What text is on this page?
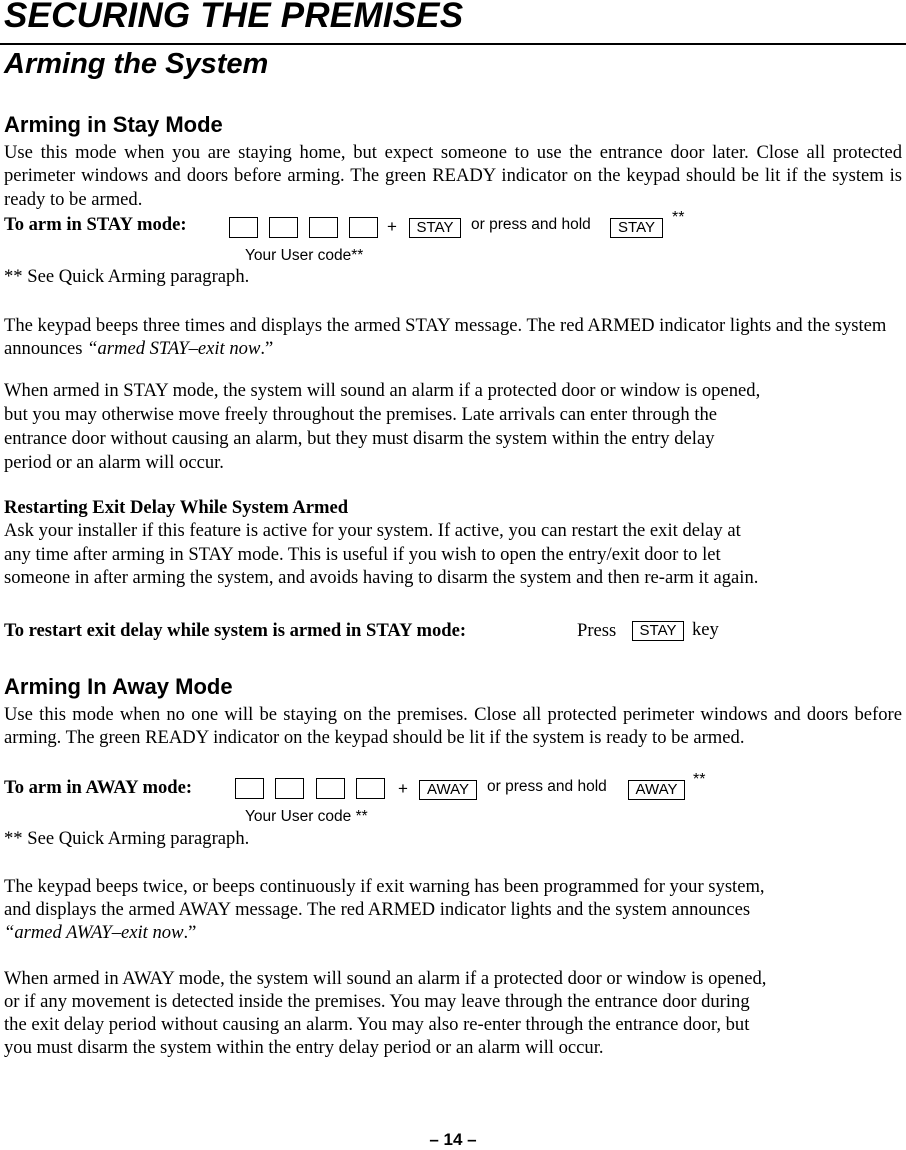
SECURING THE PREMISES
Arming the System
Arming in Stay Mode

Use this mode when you are staying home, but expect someone to use the entrance door later. Close all protected perimeter windows and doors before arming. The green READY indicator on the keypad should be lit if the system is ready to be armed.

To arm in STAY mode:	+	STAY	or press and hold	STAY
**
Your User code**
** See Quick Arming paragraph.
The keypad beeps three times and displays the armed STAY message. The red ARMED indicator lights and the system announces “armed STAY–exit now.”
When armed in STAY mode, the system will sound an alarm if a protected door or window is opened,
but you may otherwise move freely throughout the premises. Late arrivals can enter through the
entrance door without causing an alarm, but they must disarm the system within the entry delay
period or an alarm will occur.
Restarting Exit Delay While System Armed
Ask your installer if this feature is active for your system. If active, you can restart the exit delay at
any time after arming in STAY mode. This is useful if you wish to open the entry/exit door to let
someone in after arming the system, and avoids having to disarm the system and then re-arm it again.
To restart exit delay while system is armed in STAY mode:	Press	STAY key
Arming In Away Mode

Use this mode when no one will be staying on the premises. Close all protected perimeter windows and doors before arming. The green READY indicator on the keypad should be lit if the system is ready to be armed.

To arm in AWAY mode:	+	AWAY	or press and hold	AWAY
**
Your User code **
** See Quick Arming paragraph.
The keypad beeps twice, or beeps continuously if exit warning has been programmed for your system,
and displays the armed AWAY message. The red ARMED indicator lights and the system announces
“armed AWAY–exit now.”
When armed in AWAY mode, the system will sound an alarm if a protected door or window is opened,
or if any movement is detected inside the premises. You may leave through the entrance door during
the exit delay period without causing an alarm. You may also re-enter through the entrance door, but
you must disarm the system within the entry delay period or an alarm will occur.
– 14 –
